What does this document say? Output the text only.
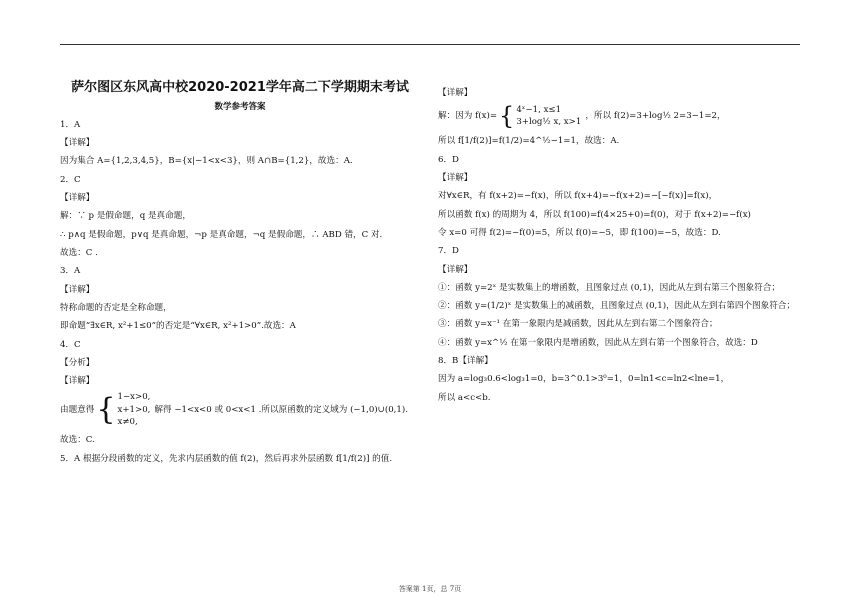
萨尔图区东风高中校2020-2021学年高二下学期期末考试
数学参考答案
1．A
【详解】
因为集合 A={1,2,3,4,5}，B={x|−1<x<3}，则 A∩B={1,2}，故选：A.
2．C
【详解】
解：∵ p 是假命题，q 是真命题，
∴ p∧q 是假命题，p∨q 是真命题，¬p 是真命题，¬q 是假命题，∴ ABD 错，C 对.
故选：C .
3．A
【详解】
特称命题的否定是全称命题，
即命题“∃x∈R, x²+1≤0”的否定是“∀x∈R, x²+1>0”.故选：A
4．C
【分析】
【详解】
由题意得 { 1−x>0,
x+1>0,
x≠0,
解得 −1<x<0 或 0<x<1 .所以原函数的定义域为 (−1,0)∪(0,1).
故选：C.
5．A 根据分段函数的定义，先求内层函数的值 f(2)，然后再求外层函数 f[1/f(2)] 的值.
【详解】
解：因为 f(x)= { 4ˣ−1, x≤1
3+log½ x, x>1
，所以 f(2)=3+log½ 2=3−1=2，
所以 f[1/f(2)]=f(1/2)=4^½−1=1，故选：A.
6．D
【详解】
对∀x∈R，有 f(x+2)=−f(x)，所以 f(x+4)=−f(x+2)=−[−f(x)]=f(x)，
所以函数 f(x) 的周期为 4，所以 f(100)=f(4×25+0)=f(0)，对于 f(x+2)=−f(x)
令 x=0 可得 f(2)=−f(0)=5，所以 f(0)=−5，即 f(100)=−5，故选：D.
7．D
【详解】
①：函数 y=2ˣ 是实数集上的增函数，且图象过点 (0,1)，因此从左到右第三个图象符合；
②：函数 y=(1/2)ˣ 是实数集上的减函数，且图象过点 (0,1)，因此从左到右第四个图象符合；
③：函数 y=x⁻¹ 在第一象限内是减函数，因此从左到右第二个图象符合；
④：函数 y=x^½ 在第一象限内是增函数，因此从左到右第一个图象符合，故选：D
8．B【详解】
因为 a=log₃0.6<log₃1=0，b=3^0.1>3⁰=1，0=ln1<c=ln2<lne=1，
所以 a<c<b.
答案第 1页，总 7页
